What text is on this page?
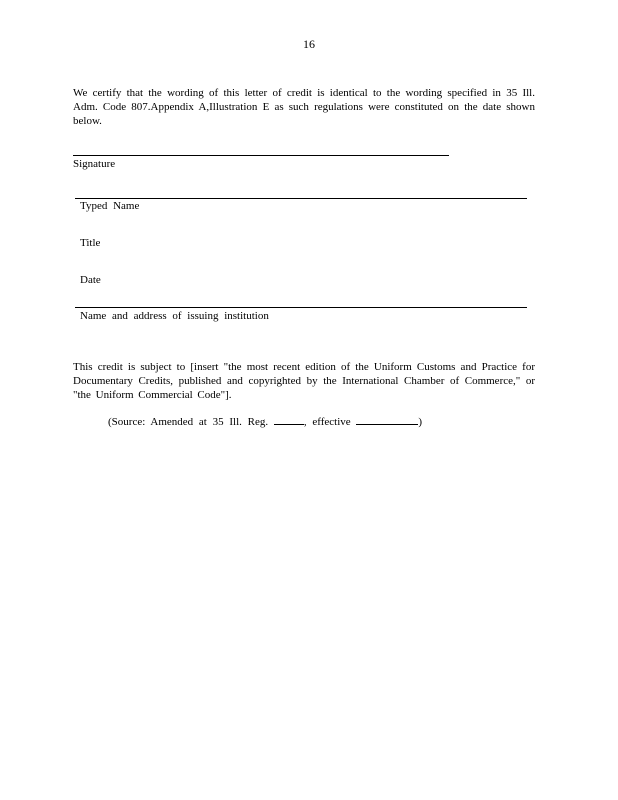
16
We certify that the wording of this letter of credit is identical to the wording specified in 35 Ill. Adm. Code 807.Appendix A,Illustration E as such regulations were constituted on the date shown below.
Signature
Typed Name
Title
Date
Name and address of issuing institution
This credit is subject to [insert "the most recent edition of the Uniform Customs and Practice for Documentary Credits, published and copyrighted by the International Chamber of Commerce," or "the Uniform Commercial Code"].
(Source: Amended at 35 Ill. Reg.	, effective	)
